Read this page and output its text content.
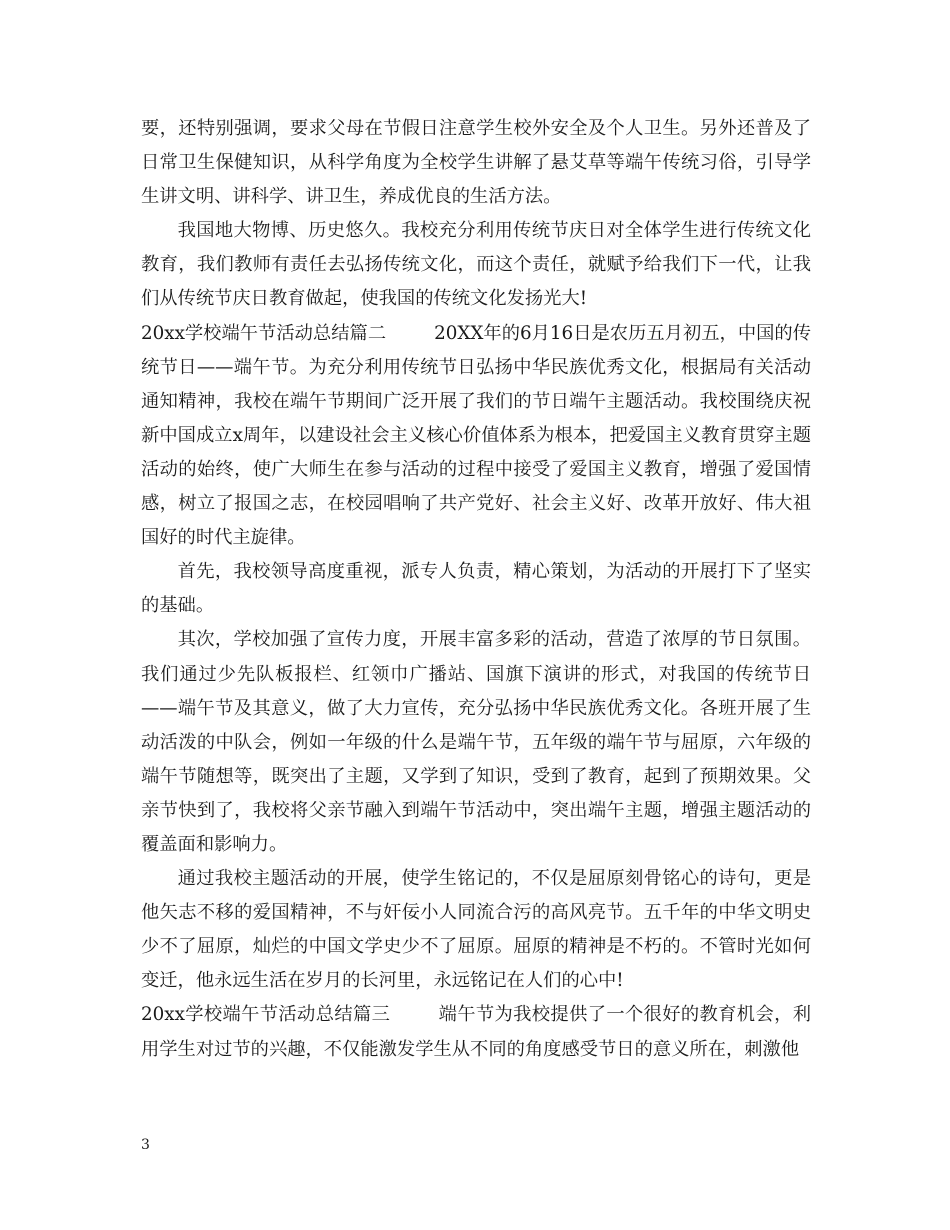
要，还特别强调，要求父母在节假日注意学生校外安全及个人卫生。另外还普及了日常卫生保健知识，从科学角度为全校学生讲解了悬艾草等端午传统习俗，引导学生讲文明、讲科学、讲卫生，养成优良的生活方法。

我国地大物博、历史悠久。我校充分利用传统节庆日对全体学生进行传统文化教育，我们教师有责任去弘扬传统文化，而这个责任，就赋予给我们下一代，让我们从传统节庆日教育做起，使我国的传统文化发扬光大!

20xx学校端午节活动总结篇二	20XX年的6月16日是农历五月初五，中国的传统节日——端午节。为充分利用传统节日弘扬中华民族优秀文化，根据局有关活动通知精神，我校在端午节期间广泛开展了我们的节日端午主题活动。我校围绕庆祝新中国成立x周年，以建设社会主义核心价值体系为根本，把爱国主义教育贯穿主题活动的始终，使广大师生在参与活动的过程中接受了爱国主义教育，增强了爱国情感，树立了报国之志，在校园唱响了共产党好、社会主义好、改革开放好、伟大祖国好的时代主旋律。

首先，我校领导高度重视，派专人负责，精心策划，为活动的开展打下了坚实的基础。

其次，学校加强了宣传力度，开展丰富多彩的活动，营造了浓厚的节日氛围。我们通过少先队板报栏、红领巾广播站、国旗下演讲的形式，对我国的传统节日——端午节及其意义，做了大力宣传，充分弘扬中华民族优秀文化。各班开展了生动活泼的中队会，例如一年级的什么是端午节，五年级的端午节与屈原，六年级的端午节随想等，既突出了主题，又学到了知识，受到了教育，起到了预期效果。父亲节快到了，我校将父亲节融入到端午节活动中，突出端午主题，增强主题活动的覆盖面和影响力。

通过我校主题活动的开展，使学生铭记的，不仅是屈原刻骨铭心的诗句，更是他矢志不移的爱国精神，不与奸佞小人同流合污的高风亮节。五千年的中华文明史少不了屈原，灿烂的中国文学史少不了屈原。屈原的精神是不朽的。不管时光如何变迁，他永远生活在岁月的长河里，永远铭记在人们的心中!

20xx学校端午节活动总结篇三	端午节为我校提供了一个很好的教育机会，利用学生对过节的兴趣，不仅能激发学生从不同的角度感受节日的意义所在，刺激他

3
